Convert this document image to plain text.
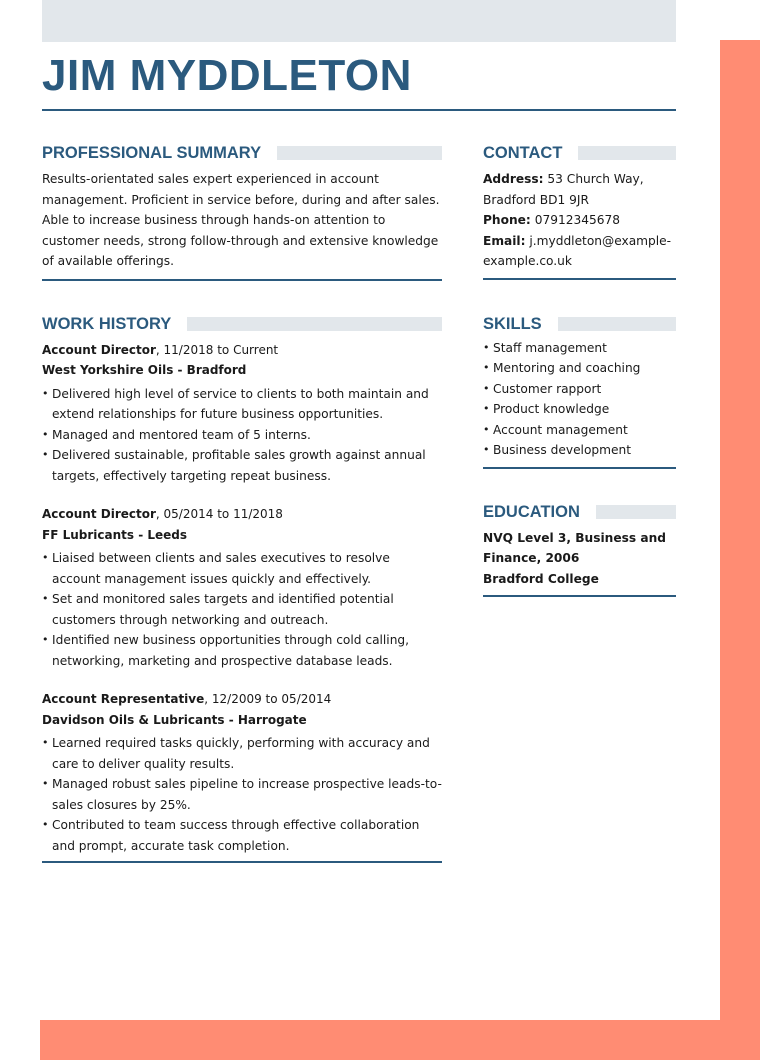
JIM MYDDLETON
PROFESSIONAL SUMMARY

Results-orientated sales expert experienced in account management. Proficient in service before, during and after sales. Able to increase business through hands-on attention to customer needs, strong follow-through and extensive knowledge of available offerings.

WORK HISTORY
Account Director, 11/2018 to Current
West Yorkshire Oils - Bradford
• Delivered high level of service to clients to both maintain and extend relationships for future business opportunities.
• Managed and mentored team of 5 interns.
• Delivered sustainable, profitable sales growth against annual targets, effectively targeting repeat business.
Account Director, 05/2014 to 11/2018
FF Lubricants - Leeds
• Liaised between clients and sales executives to resolve account management issues quickly and effectively.
• Set and monitored sales targets and identified potential customers through networking and outreach.
• Identified new business opportunities through cold calling, networking, marketing and prospective database leads.
Account Representative, 12/2009 to 05/2014
Davidson Oils & Lubricants - Harrogate
• Learned required tasks quickly, performing with accuracy and care to deliver quality results.
• Managed robust sales pipeline to increase prospective leads-to-sales closures by 25%.
• Contributed to team success through effective collaboration and prompt, accurate task completion.
CONTACT

Address: 53 Church Way, Bradford BD1 9JR

Phone: 07912345678

Email: j.myddleton@example-example.co.uk

SKILLS
• Staff management
• Mentoring and coaching
• Customer rapport
• Product knowledge
• Account management
• Business development
EDUCATION

NVQ Level 3, Business and Finance, 2006

Bradford College
